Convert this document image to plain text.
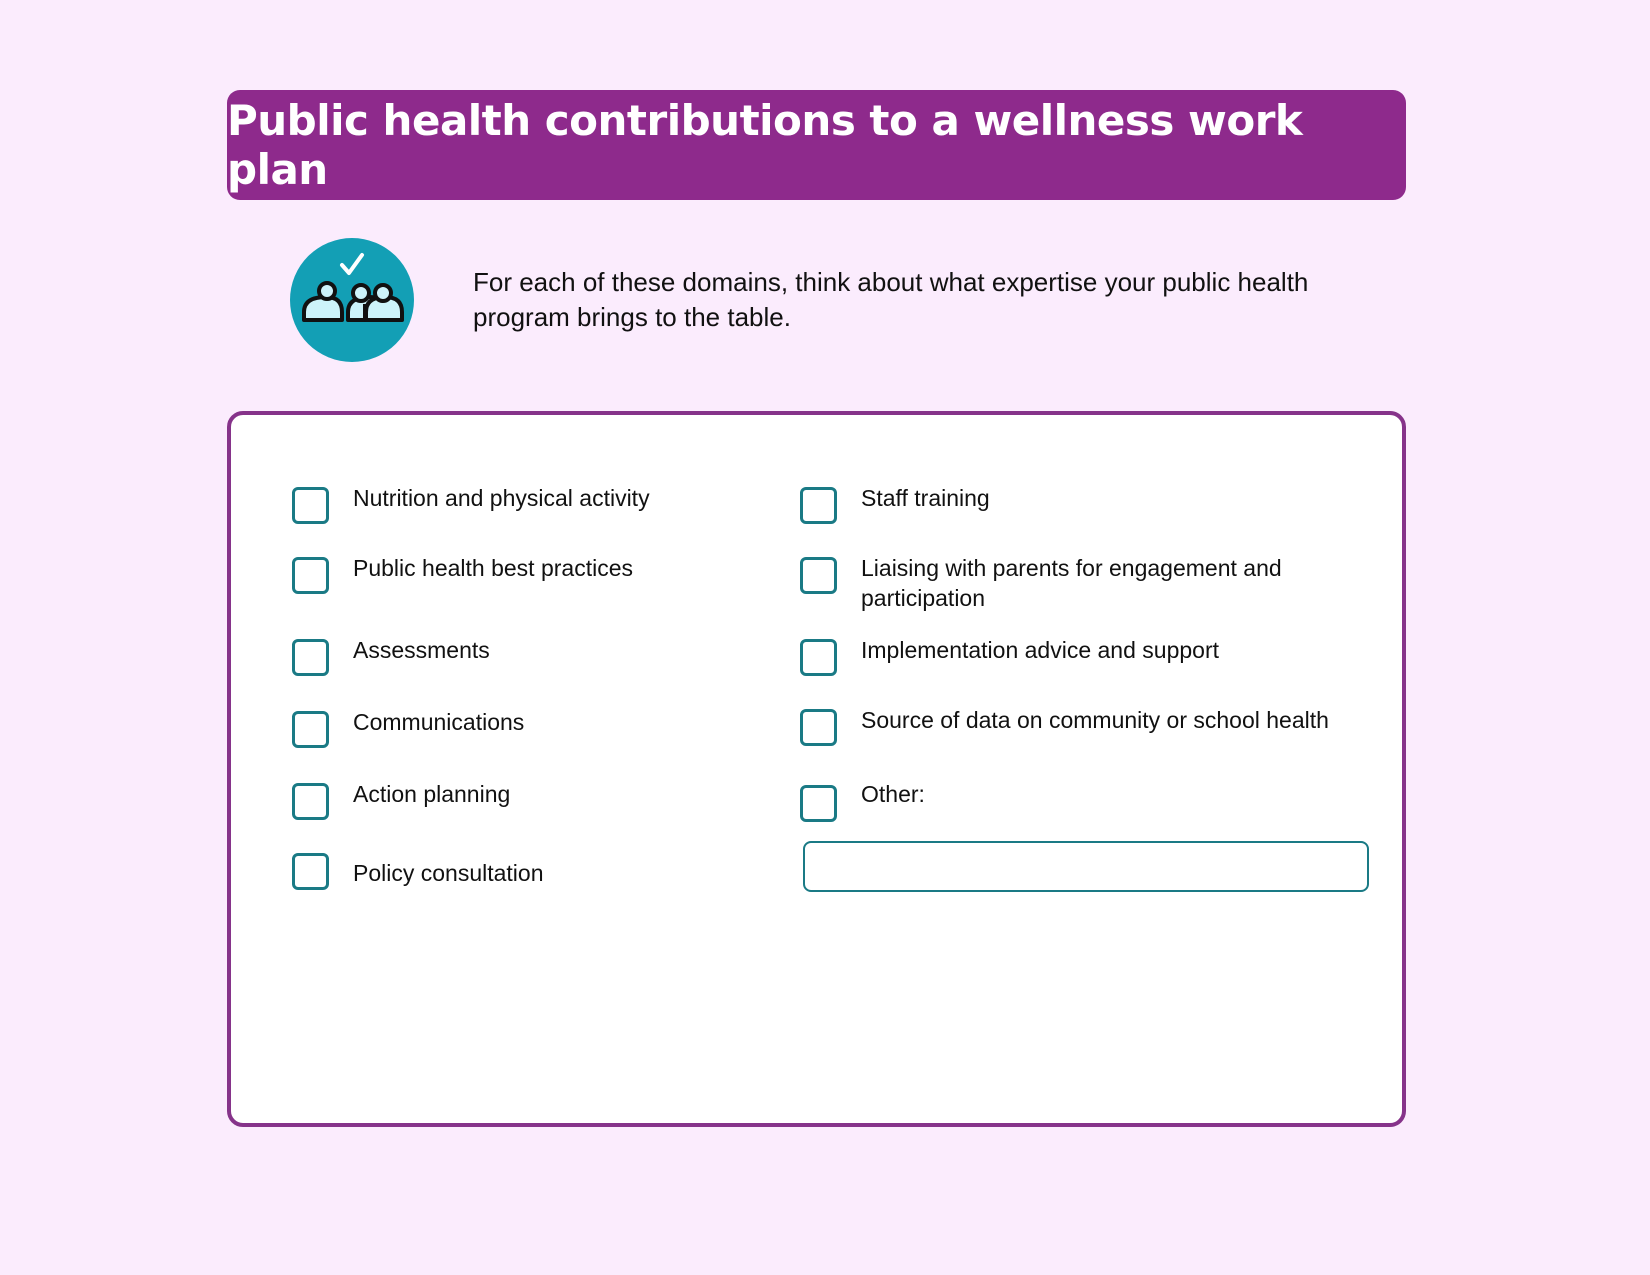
Public health contributions to a wellness work plan
For each of these domains, think about what expertise your public health program brings to the table.
Nutrition and physical activity
Public health best practices
Assessments
Communications
Action planning
Policy consultation
Staff training
Liaising with parents for engagement and participation
Implementation advice and support
Source of data on community or school health
Other:
